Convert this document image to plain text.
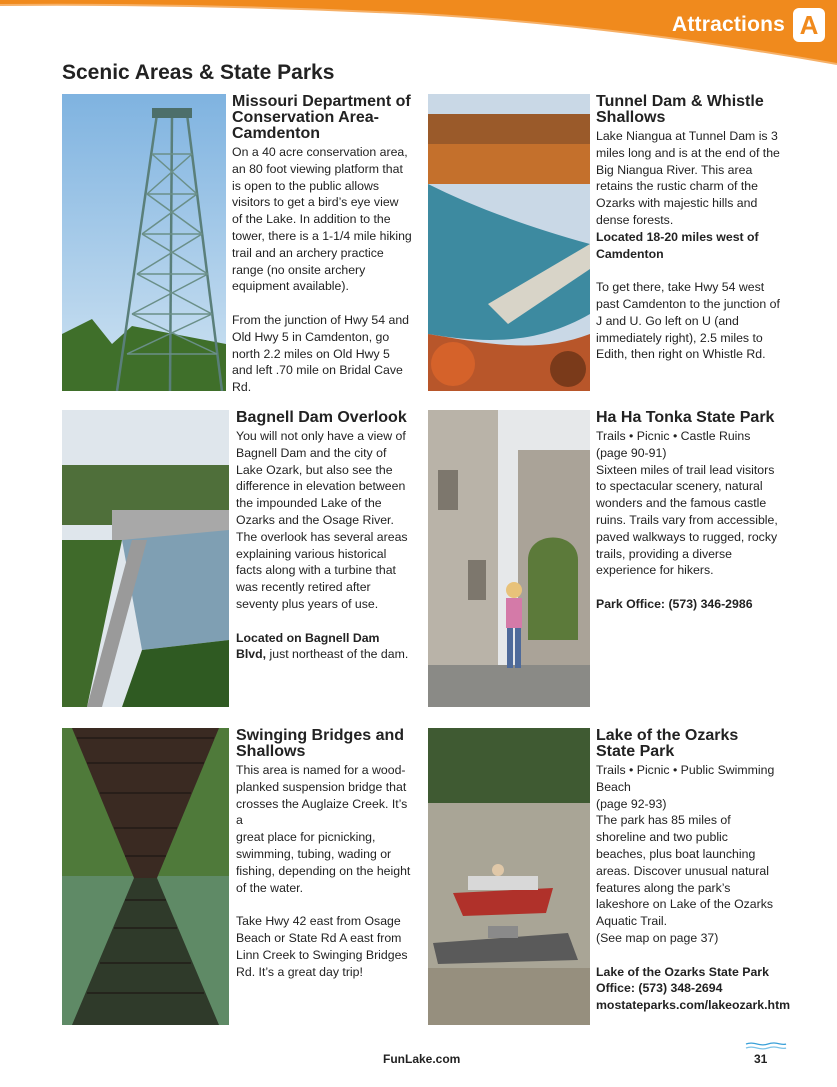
Attractions A
Scenic Areas & State Parks
Missouri Department of Conservation Area-Camdenton

On a 40 acre conservation area, an 80 foot viewing platform that is open to the public allows visitors to get a bird’s eye view of the Lake. In addition to the tower, there is a 1-1/4 mile hiking trail and an archery practice range (no onsite archery equipment available).

From the junction of Hwy 54 and Old Hwy 5 in Camdenton, go north 2.2 miles on Old Hwy 5 and left .70 mile on Bridal Cave Rd.

Tunnel Dam & Whistle Shallows

Lake Niangua at Tunnel Dam is 3 miles long and is at the end of the Big Niangua River. This area retains the rustic charm of the Ozarks with majestic hills and dense forests.

Located 18-20 miles west of Camdenton

To get there, take Hwy 54 west past Camdenton to the junction of J and U. Go left on U (and immediately right), 2.5 miles to Edith, then right on Whistle Rd.

Bagnell Dam Overlook

You will not only have a view of Bagnell Dam and the city of Lake Ozark, but also see the difference in elevation between the impounded Lake of the Ozarks and the Osage River. The overlook has several areas explaining various historical facts along with a turbine that was recently retired after seventy plus years of use.

Located on Bagnell Dam Blvd, just northeast of the dam.

Ha Ha Tonka State Park

Trails • Picnic • Castle Ruins
(page 90-91)
Sixteen miles of trail lead visitors to spectacular scenery, natural wonders and the famous castle ruins. Trails vary from accessible, paved walkways to rugged, rocky trails, providing a diverse experience for hikers.

Park Office: (573) 346-2986

Swinging Bridges and Shallows

This area is named for a wood-planked suspension bridge that crosses the Auglaize Creek. It’s a
great place for picnicking, swimming, tubing, wading or fishing, depending on the height of the water.

Take Hwy 42 east from Osage Beach or State Rd A east from Linn Creek to Swinging Bridges Rd. It’s a great day trip!

Lake of the Ozarks State Park

Trails • Picnic • Public Swimming Beach
(page 92-93)
The park has 85 miles of shoreline and two public beaches, plus boat launching areas. Discover unusual natural features along the park’s lakeshore on Lake of the Ozarks Aquatic Trail.
(See map on page 37)

Lake of the Ozarks State Park Office: (573) 348-2694

mostateparks.com/lakeozark.htm

FunLake.com	31
